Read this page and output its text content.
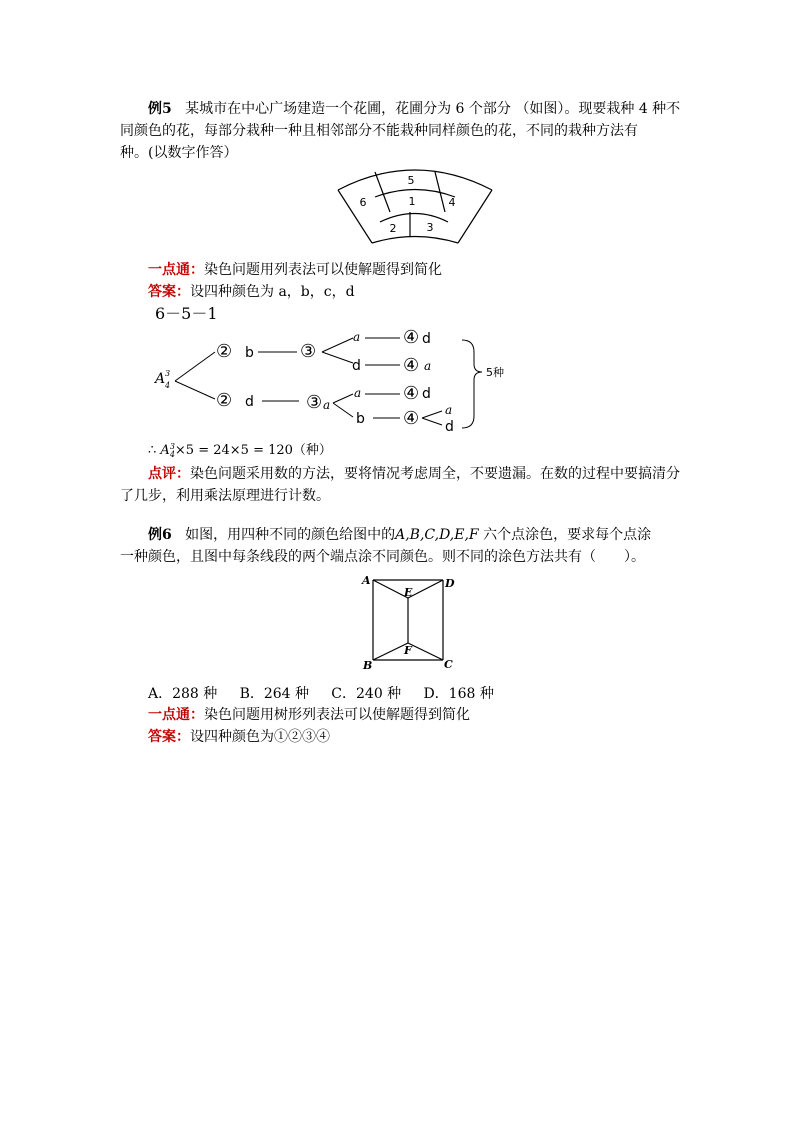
例5 某城市在中心广场建造一个花圃，花圃分为 6 个部分 （如图）。现要栽种 4 种不
同颜色的花，每部分栽种一种且相邻部分不能栽种同样颜色的花，不同的栽种方法有
种。(以数字作答）
5
6	1	4
2	3
一点通：染色问题用列表法可以使解题得到简化
答案：设四种颜色为 a，b，c，d
6－5－1
A 3
4
② b	③
a
d
④ d
④ a
② d	③ a
a
b
④ d
④ a
d
5种
∴ A 3
4 ×5 = 24×5 = 120（种）
点评：染色问题采用数的方法，要将情况考虑周全，不要遗漏。在数的过程中要搞清分
了几步，利用乘法原理进行计数。
例6 如图，用四种不同的颜色给图中的A,B,C,D,E,F 六个点涂色，要求每个点涂
一种颜色，且图中每条线段的两个端点涂不同颜色。则不同的涂色方法共有（　　）。
A	D
E
F
B	C
A．288 种 B．264 种 C．240 种 D．168 种
一点通：染色问题用树形列表法可以使解题得到简化
答案：设四种颜色为①②③④
